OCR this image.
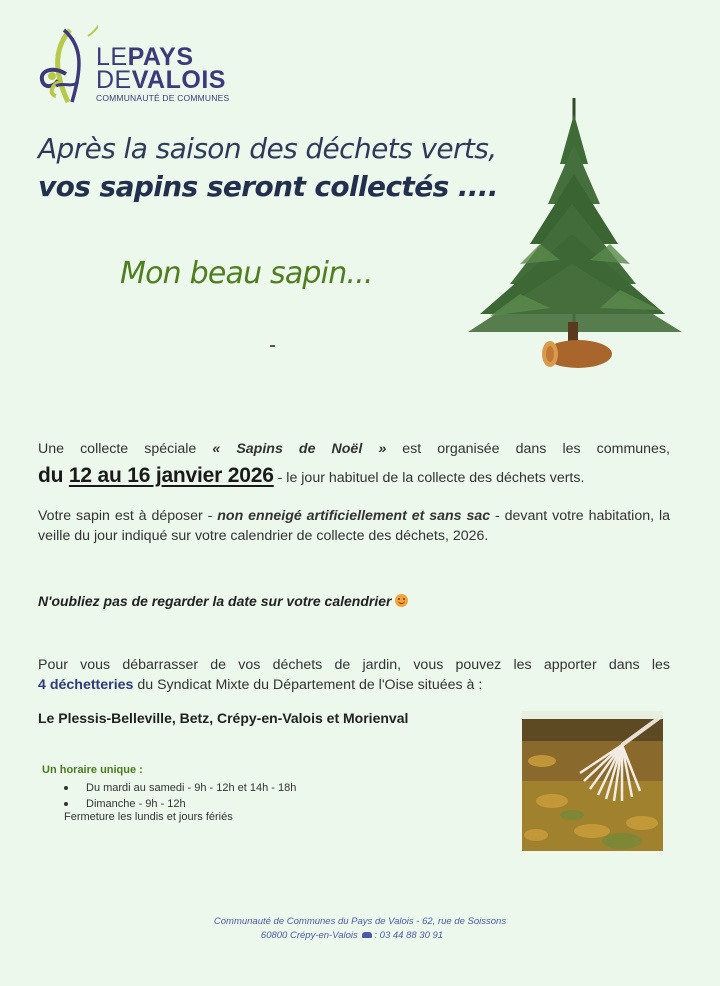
LEPAYS
DEVALOIS
COMMUNAUTÉ DE COMMUNES
Après la saison des déchets verts,
vos sapins seront collectés ....
Mon beau sapin...
Une collecte spéciale « Sapins de Noël » est organisée dans les communes,
du 12 au 16 janvier 2026 - le jour habituel de la collecte des déchets verts.
Votre sapin est à déposer - non enneigé artificiellement et sans sac - devant votre habitation, la
veille du jour indiqué sur votre calendrier de collecte des déchets, 2026.
N'oubliez pas de regarder la date sur votre calendrier
Pour vous débarrasser de vos déchets de jardin, vous pouvez les apporter dans les
4 déchetteries du Syndicat Mixte du Département de l'Oise situées à :
Le Plessis-Belleville, Betz, Crépy-en-Valois et Morienval
Un horaire unique :
Du mardi au samedi - 9h - 12h et 14h - 18h
Dimanche - 9h - 12h
Fermeture les lundis et jours fériés
Communauté de Communes du Pays de Valois - 62, rue de Soissons
60800 Crépy-en-Valois : 03 44 88 30 91
